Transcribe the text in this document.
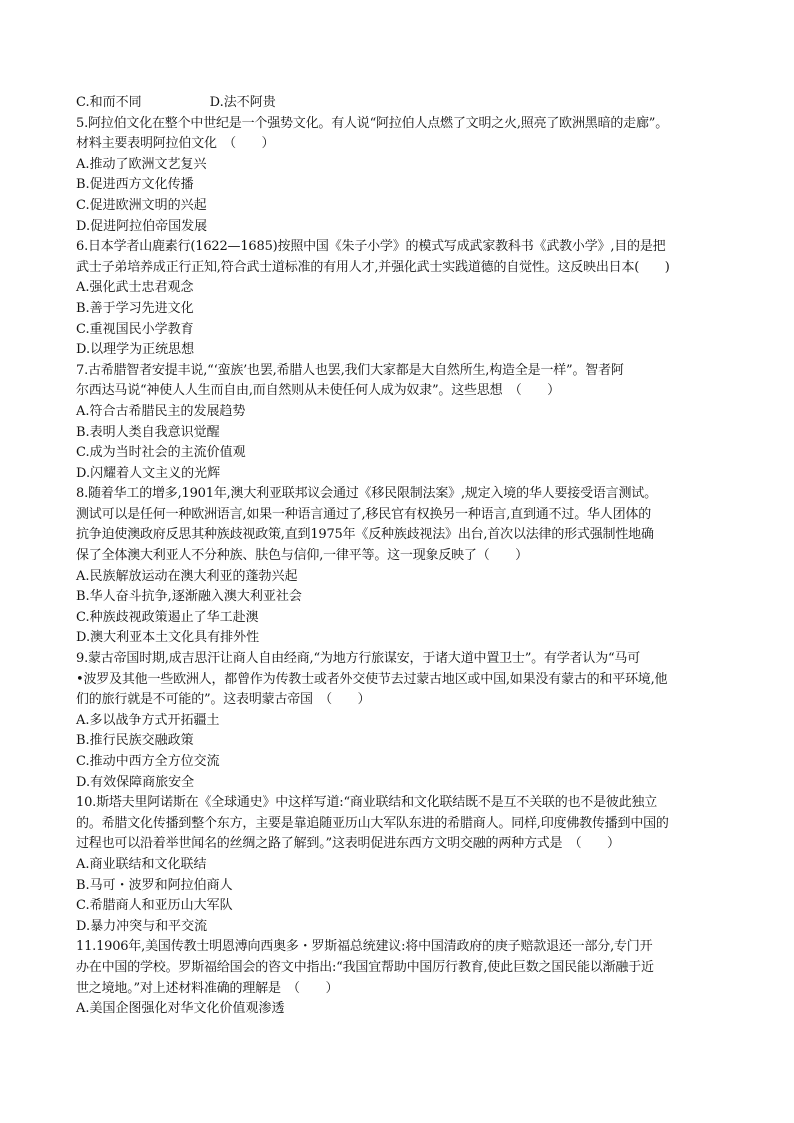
C.和而不同	D.法不阿贵
5.阿拉伯文化在整个中世纪是一个强势文化。有人说“阿拉伯人点燃了文明之火,照亮了欧洲黑暗的走廊”。
材料主要表明阿拉伯文化　（　　）
A.推动了欧洲文艺复兴
B.促进西方文化传播
C.促进欧洲文明的兴起
D.促进阿拉伯帝国发展
6.日本学者山鹿素行(1622—1685)按照中国《朱子小学》的模式写成武家教科书《武教小学》,目的是把
武士子弟培养成正行正知,符合武士道标准的有用人才,并强化武士实践道德的自觉性。这反映出日本(　　)
A.强化武士忠君观念
B.善于学习先进文化
C.重视国民小学教育
D.以理学为正统思想
7.古希腊智者安提丰说,“‘蛮族’也罢,希腊人也罢,我们大家都是大自然所生,构造全是一样”。智者阿
尔西达马说“神使人人生而自由,而自然则从未使任何人成为奴隶”。这些思想　（　　）
A.符合古希腊民主的发展趋势
B.表明人类自我意识觉醒
C.成为当时社会的主流价值观
D.闪耀着人文主义的光辉
8.随着华工的增多,1901年,澳大利亚联邦议会通过《移民限制法案》,规定入境的华人要接受语言测试。
测试可以是任何一种欧洲语言,如果一种语言通过了,移民官有权换另一种语言,直到通不过。华人团体的
抗争迫使澳政府反思其种族歧视政策,直到1975年《反种族歧视法》出台,首次以法律的形式强制性地确
保了全体澳大利亚人不分种族、肤色与信仰,一律平等。这一现象反映了（　　）
A.民族解放运动在澳大利亚的蓬勃兴起
B.华人奋斗抗争,逐渐融入澳大利亚社会
C.种族歧视政策遏止了华工赴澳
D.澳大利亚本土文化具有排外性
9.蒙古帝国时期,成吉思汗让商人自由经商,“为地方行旅谋安，于诸大道中置卫士”。有学者认为“马可
•波罗及其他一些欧洲人，都曾作为传教士或者外交使节去过蒙古地区或中国,如果没有蒙古的和平环境,他
们的旅行就是不可能的”。这表明蒙古帝国　（　　）
A.多以战争方式开拓疆土
B.推行民族交融政策
C.推动中西方全方位交流
D.有效保障商旅安全
10.斯塔夫里阿诺斯在《全球通史》中这样写道:“商业联结和文化联结既不是互不关联的也不是彼此独立
的。希腊文化传播到整个东方，主要是靠追随亚历山大军队东进的希腊商人。同样,印度佛教传播到中国的
过程也可以沿着举世闻名的丝绸之路了解到。”这表明促进东西方文明交融的两种方式是　（　　）
A.商业联结和文化联结
B.马可・波罗和阿拉伯商人
C.希腊商人和亚历山大军队
D.暴力冲突与和平交流
11.1906年,美国传教士明恩溥向西奥多・罗斯福总统建议:将中国清政府的庚子赔款退还一部分,专门开
办在中国的学校。罗斯福给国会的咨文中指出:“我国宜帮助中国厉行教育,使此巨数之国民能以渐融于近
世之境地。”对上述材料准确的理解是　（　　）
A.美国企图强化对华文化价值观渗透
